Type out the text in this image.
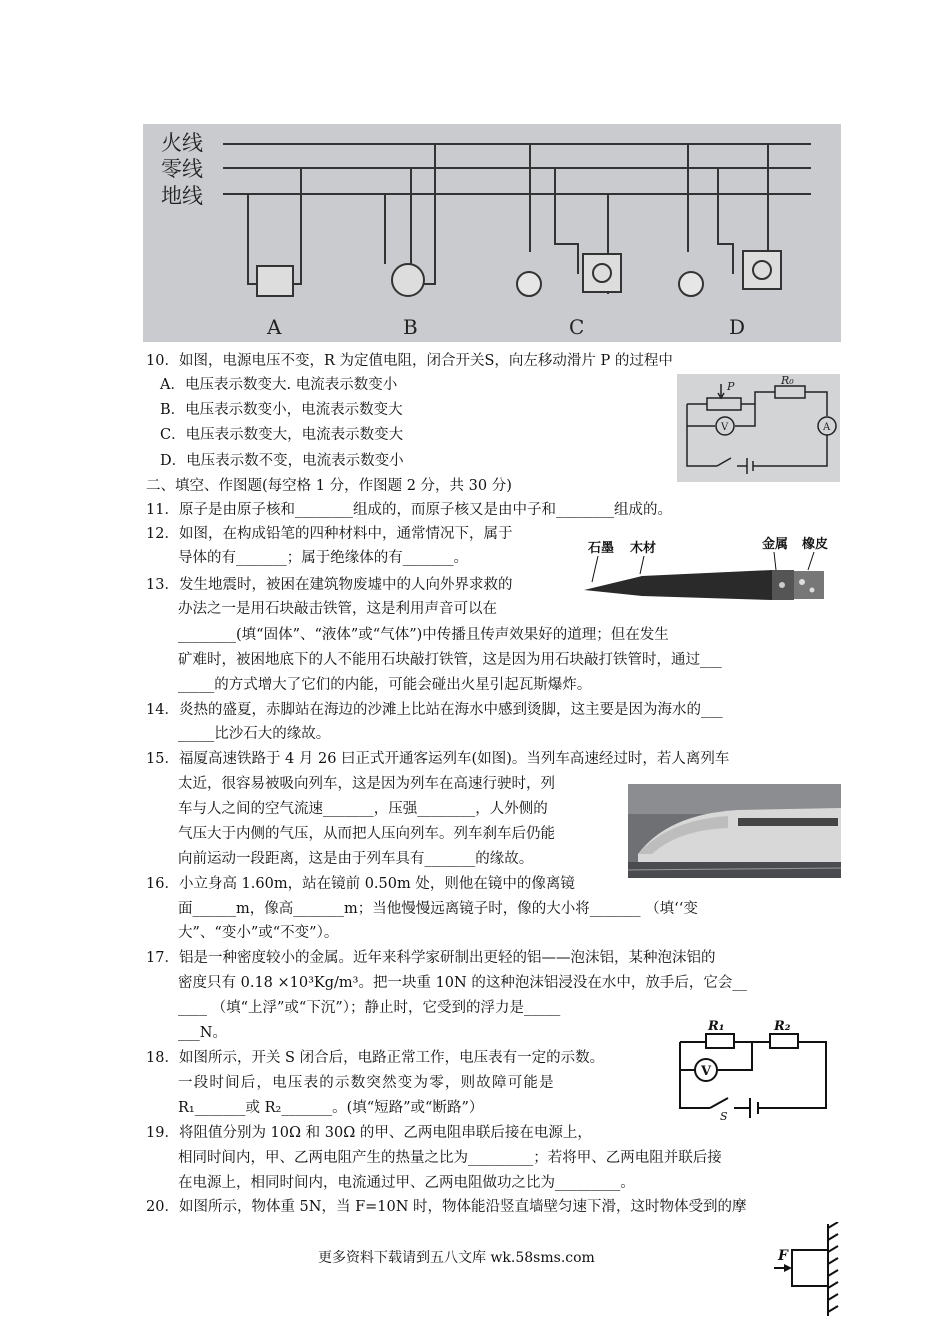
火线
零线
地线
A	B	C	D
10．如图，电源电压不变，R 为定值电阻，闭合开关S，向左移动滑片 P 的过程中
A．电压表示数变大. 电流表示数变小
B．电压表示数变小，电流表示数变大
C．电压表示数变大，电流表示数变大
D．电压表示数不变，电流表示数变小
P	R₀
V	A
二、填空、作图题(每空格 1 分，作图题 2 分，共 30 分)
11．原子是由原子核和________组成的，而原子核又是由中子和________组成的。
12．如图，在构成铅笔的四种材料中，通常情况下，属于
导体的有_______；属于绝缘体的有_______。
石墨 木材	金属 橡皮
13．发生地震时，被困在建筑物废墟中的人向外界求救的
办法之一是用石块敲击铁管，这是利用声音可以在
________(填“固体”、“液体”或“气体”)中传播且传声效果好的道理；但在发生
矿难时，被困地底下的人不能用石块敲打铁管，这是因为用石块敲打铁管时，通过___
_____的方式增大了它们的内能，可能会碰出火星引起瓦斯爆炸。
14．炎热的盛夏，赤脚站在海边的沙滩上比站在海水中感到烫脚，这主要是因为海水的___
_____比沙石大的缘故。
15．福厦高速铁路于 4 月 26 曰正式开通客运列车(如图)。当列车高速经过时，若人离列车
太近，很容易被吸向列车，这是因为列车在高速行驶时，列
车与人之间的空气流速_______，压强________，人外侧的
气压大于内侧的气压，从而把人压向列车。列车刹车后仍能
向前运动一段距离，这是由于列车具有_______的缘故。
16．小立身高 1.60m，站在镜前 0.50m 处，则他在镜中的像离镜
面______m，像高_______m；当他慢慢远离镜子时，像的大小将_______ （填‘‘变
大”、“变小”或“不变”）。
17．铝是一种密度较小的金属。近年来科学家研制出更轻的铝——泡沫铝，某种泡沫铝的
密度只有 0.18 ×10³Kg/m³。把一块重 10N 的这种泡沫铝浸没在水中，放手后，它会__
____ （填“上浮”或“下沉”）；静止时，它受到的浮力是_____
___N。
18．如图所示，开关 S 闭合后，电路正常工作，电压表有一定的示数。
一段时间后，电压表的示数突然变为零，则故障可能是
R₁_______或 R₂_______。(填“短路”或“断路”）
R₁	R₂
V
S
19．将阻值分别为 10Ω 和 30Ω 的甲、乙两电阻串联后接在电源上，
相同时间内，甲、乙两电阻产生的热量之比为_________；若将甲、乙两电阻并联后接
在电源上，相同时间内，电流通过甲、乙两电阻做功之比为_________。
20．如图所示，物体重 5N，当 F=10N 时，物体能沿竖直墙壁匀速下滑，这时物体受到的摩
F
更多资料下载请到五八文库 wk.58sms.com
